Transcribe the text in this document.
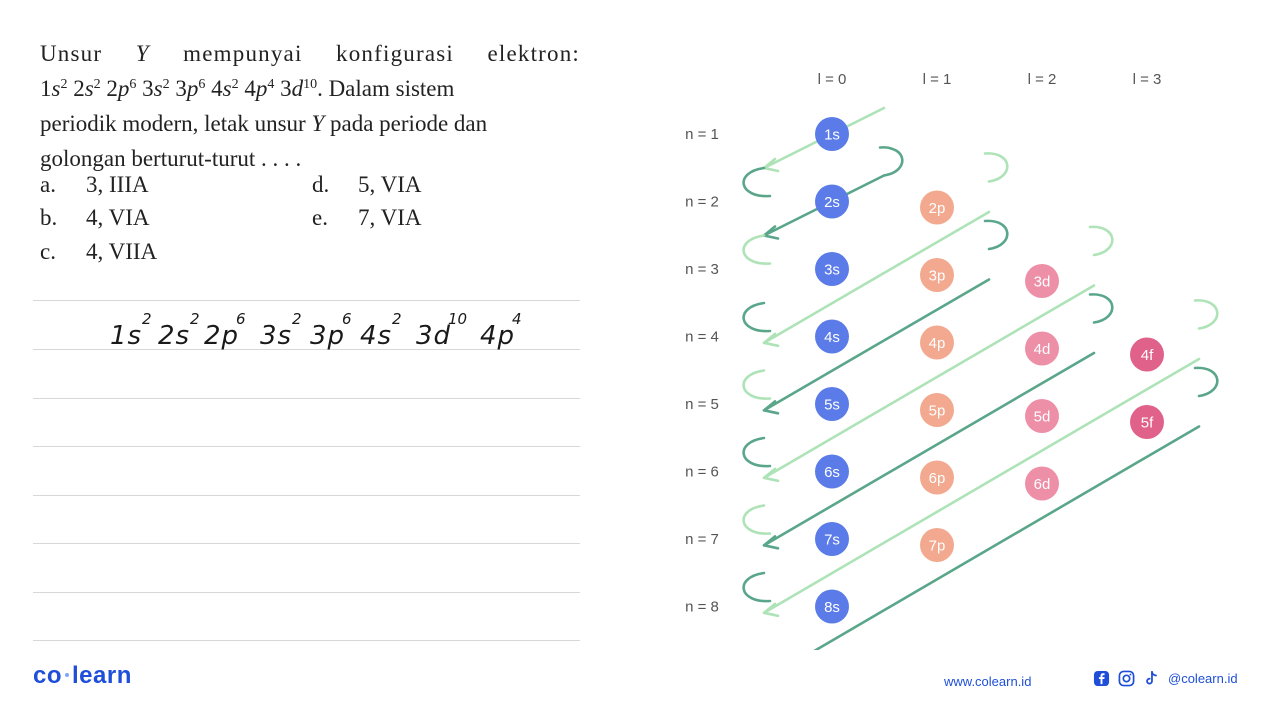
Unsur Y mempunyai konfigurasi elektron:
$1s^2$ $2s^2$ $2p^6$ $3s^2$ $3p^6$ $4s^2$ $4p^4$ $3d^{10}$. Dalam sistem
periodik modern, letak unsur Y pada periode dan
golongan berturut-turut . . . .
a. 3, IIIA
b. 4, VIA
c. 4, VIIA
d. 5, VIA
e. 7, VIA
1s
2
2s
2
2p
6
3s
2
3p
6
4s
2
3d
10
4p
4
l = 0	l = 1	l = 2	l = 3
n = 1
n = 2
n = 3
n = 4
n = 5
n = 6
n = 7
n = 8
1s
2s	2p
3s	3p	3d
4s	4p	4d	4f
5s	5p	5d	5f
6s	6p	6d
7s	7p
8s
co learn	www.colearn.id	@colearn.id
